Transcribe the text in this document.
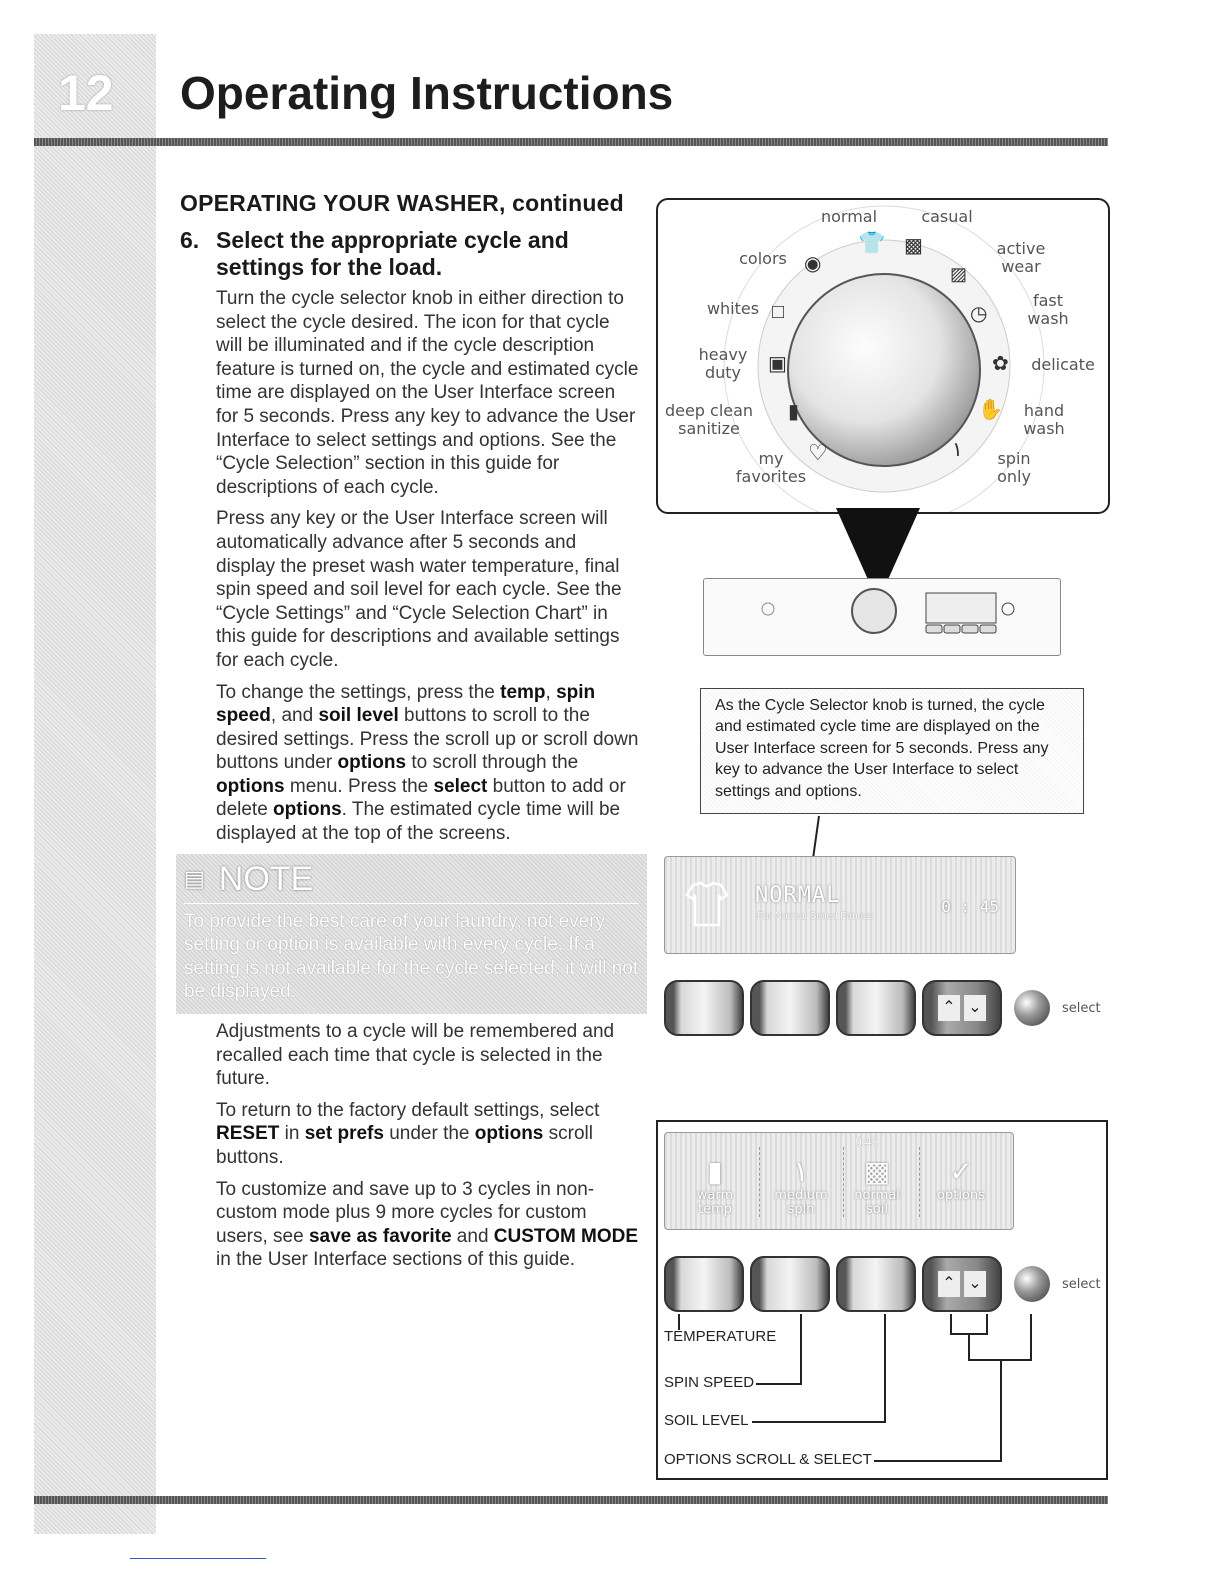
12 Operating Instructions
OPERATING YOUR WASHER, continued
6. Select the appropriate cycle and
settings for the load.

Turn the cycle selector knob in either direction to select the cycle desired. The icon for that cycle will be illuminated and if the cycle description feature is turned on, the cycle and estimated cycle time are displayed on the User Interface screen for 5 seconds. Press any key to advance the User Interface to select settings and options. See the “Cycle Selection” section in this guide for descriptions of each cycle.

Press any key or the User Interface screen will automatically advance after 5 seconds and display the preset wash water temperature, final spin speed and soil level for each cycle. See the “Cycle Settings” and “Cycle Selection Chart” in this guide for descriptions and available settings for each cycle.

To change the settings, press the temp, spin speed, and soil level buttons to scroll to the desired settings. Press the scroll up or scroll down buttons under options to scroll through the options menu. Press the select button to add or delete options. The estimated cycle time will be displayed at the top of the screens.

▤ NOTE
To provide the best care of your laundry, not every setting or option is available with every cycle. If a setting is not available for the cycle selected, it will not be displayed.

Adjustments to a cycle will be remembered and recalled each time that cycle is selected in the future.

To return to the factory default settings, select RESET in set prefs under the options scroll buttons.

To customize and save up to 3 cycles in non-custom mode plus 9 more cycles for custom users, see save as favorite and CUSTOM MODE in the User Interface sections of this guide.

👕
◉
□
▣
▮
♡
▩
▨
◷
✿
✋
١
normal	casual
colors
active
wear
whites	fast
wash
heavy
duty	delicate
deep clean
sanitize
hand
wash
my
favorites
spin
only
As the Cycle Selector knob is turned, the cycle and estimated cycle time are displayed on the User Interface screen for 5 seconds. Press any key to advance the User Interface to select settings and options.
NORMAL
For Normal Soiled Fabrics
0 : 45
⌃ ⌄	select
0:45
▮
warm
temp
١
medium
spin
▩
normal
soil
✓
options
⌃ ⌄	select
TEMPERATURE
SPIN SPEED
SOIL LEVEL
OPTIONS SCROLL & SELECT
